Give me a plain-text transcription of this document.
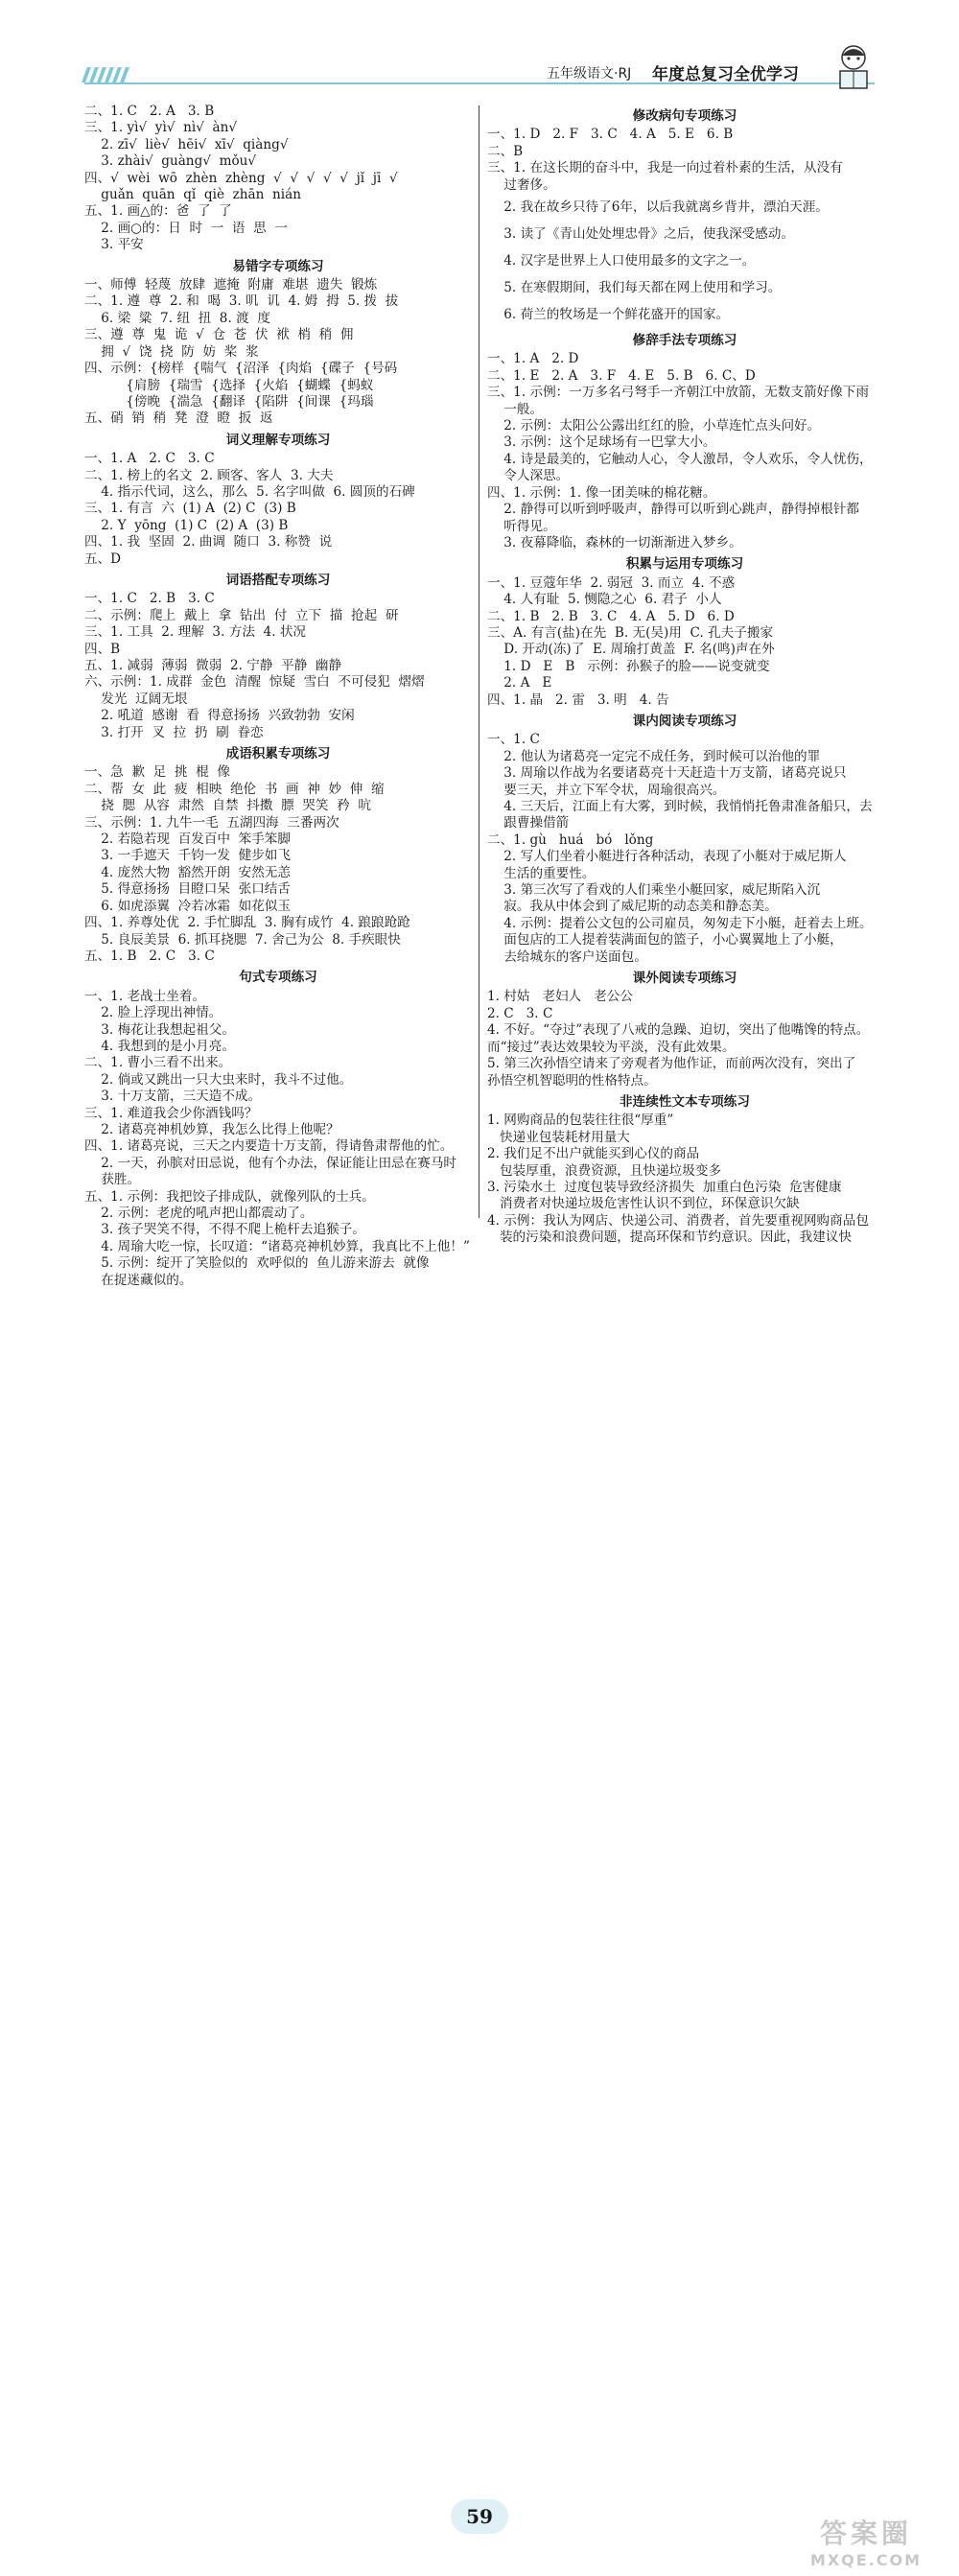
五年级语文·RJ 年度总复习全优学习
二、1. C   2. A   3. B
三、1. yì√  yì√  nì√  àn√
2. zī√  liè√  hēi√  xī√  qiàng√
3. zhài√  guàng√  mǒu√
四、√  wèi  wō  zhèn  zhèng  √  √  √  √  √  jǐ  jī  √
guǎn  quān  qǐ  qiè  zhān  nián
五、1. 画△的：爸  了  了
2. 画○的：日  时  一  语  思  一
3. 平安
易错字专项练习
一、师傅  轻蔑  放肆  遮掩  附庸  难堪  遗失  锻炼
二、1. 遵  尊  2. 和  喝  3. 叽  讥  4. 姆  拇  5. 拨  拔
6. 梁  粱  7. 纽  扭  8. 渡  度
三、遵  尊  鬼  诡  √  仓  苍  伏  袱  梢  稍  佣
拥  √  饶  挠  防  妨  桨  浆
四、示例：{榜样  {喘气  {沼泽  {肉焰  {碟子  {号码
{肩膀  {瑞雪  {选择  {火焰  {蝴蝶  {蚂蚁
{傍晚  {湍急  {翻译  {陷阱  {间课  {玛瑙
五、硝  销  稍  凳  澄  瞪  扳  返
词义理解专项练习
一、1. A   2. C   3. C
二、1. 榜上的名文  2. 顾客、客人  3. 大夫
4. 指示代词，这么，那么  5. 名字叫做  6. 圆顶的石碑
三、1. 有言  六  (1) A  (2) C  (3) B
2. Y  yōng  (1) C  (2) A  (3) B
四、1. 我  坚固  2. 曲调  随口  3. 称赞  说
五、D
词语搭配专项练习
一、1. C   2. B   3. C
二、示例：爬上  戴上  拿  钻出  付  立下  描  抢起  研
三、1. 工具  2. 理解  3. 方法  4. 状况
四、B
五、1. 减弱  薄弱  微弱  2. 宁静  平静  幽静
六、示例：1. 成群  金色  清醒  惊疑  雪白  不可侵犯  熠熠
发光  辽阔无垠
2. 吼道  感谢  看  得意扬扬  兴致勃勃  安闲
3. 打开  叉  拉  扔  刷  眷恋
成语积累专项练习
一、急  歉  足  挑  棍  像
二、帮  女  此  疲  相映  绝伦  书  画  神  妙  伸  缩
挠  腮  从容  肃然  自禁  抖擞  膘  哭笑  矜  吭
三、示例：1. 九牛一毛  五湖四海  三番两次
2. 若隐若现  百发百中  笨手笨脚
3. 一手遮天  千钧一发  健步如飞
4. 庞然大物  豁然开朗  安然无恙
5. 得意扬扬  目瞪口呆  张口结舌
6. 如虎添翼  冷若冰霜  如花似玉
四、1. 养尊处优  2. 手忙脚乱  3. 胸有成竹  4. 踉踉跄跄
5. 良辰美景  6. 抓耳挠腮  7. 舍己为公  8. 手疾眼快
五、1. B   2. C   3. C
句式专项练习
一、1. 老战士坐着。
2. 脸上浮现出神情。
3. 梅花让我想起祖父。
4. 我想到的是小月亮。
二、1. 曹小三看不出来。
2. 倘或又跳出一只大虫来时，我斗不过他。
3. 十万支箭，三天造不成。
三、1. 难道我会少你酒钱吗？
2. 诸葛亮神机妙算，我怎么比得上他呢？
四、1. 诸葛亮说，三天之内要造十万支箭，得请鲁肃帮他的忙。
2. 一天，孙膑对田忌说，他有个办法，保证能让田忌在赛马时
获胜。
五、1. 示例：我把饺子排成队，就像列队的士兵。
2. 示例：老虎的吼声把山都震动了。
3. 孩子哭笑不得，不得不爬上桅杆去追猴子。
4. 周瑜大吃一惊，长叹道：“诸葛亮神机妙算，我真比不上他！”
5. 示例：绽开了笑脸似的  欢呼似的  鱼儿游来游去  就像
在捉迷藏似的。
修改病句专项练习
一、1. D   2. F   3. C   4. A   5. E   6. B
二、B
三、1. 在这长期的奋斗中，我是一向过着朴素的生活，从没有
过奢侈。
2. 我在故乡只待了6年，以后我就离乡背井，漂泊天涯。
3. 读了《青山处处埋忠骨》之后，使我深受感动。
4. 汉字是世界上人口使用最多的文字之一。
5. 在寒假期间，我们每天都在网上使用和学习。
6. 荷兰的牧场是一个鲜花盛开的国家。
修辞手法专项练习
一、1. A   2. D
二、1. E   2. A   3. F   4. E   5. B   6. C、D
三、1. 示例：一万多名弓弩手一齐朝江中放箭，无数支箭好像下雨
一般。
2. 示例：太阳公公露出红红的脸，小草连忙点头问好。
3. 示例：这个足球场有一巴掌大小。
4. 诗是最美的，它触动人心，令人激昂，令人欢乐，令人忧伤，
令人深思。
四、1. 示例：1. 像一团美味的棉花糖。
2. 静得可以听到呼吸声，静得可以听到心跳声，静得掉根针都
听得见。
3. 夜幕降临，森林的一切渐渐进入梦乡。
积累与运用专项练习
一、1. 豆蔻年华  2. 弱冠  3. 而立  4. 不惑
4. 人有耻  5. 恻隐之心  6. 君子  小人
二、1. B   2. B   3. C   4. A   5. D   6. D
三、A. 有言(盐)在先  B. 无(吴)用  C. 孔夫子搬家
D. 开动(冻)了  E. 周瑜打黄盖  F. 名(鸣)声在外
1. D   E   B   示例：孙猴子的脸——说变就变
2. A   E
四、1. 晶   2. 雷   3. 明   4. 告
课内阅读专项练习
一、1. C
2. 他认为诸葛亮一定完不成任务，到时候可以治他的罪
3. 周瑜以作战为名要诸葛亮十天赶造十万支箭，诸葛亮说只
要三天，并立下军令状，周瑜很高兴。
4. 三天后，江面上有大雾，到时候，我悄悄托鲁肃准备船只，去
跟曹操借箭
二、1. gù   huá   bó   lǒng
2. 写人们坐着小艇进行各种活动，表现了小艇对于威尼斯人
生活的重要性。
3. 第三次写了看戏的人们乘坐小艇回家，威尼斯陷入沉
寂。我从中体会到了威尼斯的动态美和静态美。
4. 示例：提着公文包的公司雇员，匆匆走下小艇，赶着去上班。
面包店的工人提着装满面包的篮子，小心翼翼地上了小艇，
去给城东的客户送面包。
课外阅读专项练习
1. 村姑   老妇人   老公公
2. C   3. C
4. 不好。“夺过”表现了八戒的急躁、迫切，突出了他嘴馋的特点。
而“接过”表达效果较为平淡，没有此效果。
5. 第三次孙悟空请来了旁观者为他作证，而前两次没有，突出了
孙悟空机智聪明的性格特点。
非连续性文本专项练习
1. 网购商品的包装往往很“厚重”
快递业包装耗材用量大
2. 我们足不出户就能买到心仪的商品
包装厚重，浪费资源，且快递垃圾变多
3. 污染水土  过度包装导致经济损失  加重白色污染  危害健康
消费者对快递垃圾危害性认识不到位，环保意识欠缺
4. 示例：我认为网店、快递公司、消费者，首先要重视网购商品包
装的污染和浪费问题，提高环保和节约意识。因此，我建议快
59
答案圈
MXQE.COM
